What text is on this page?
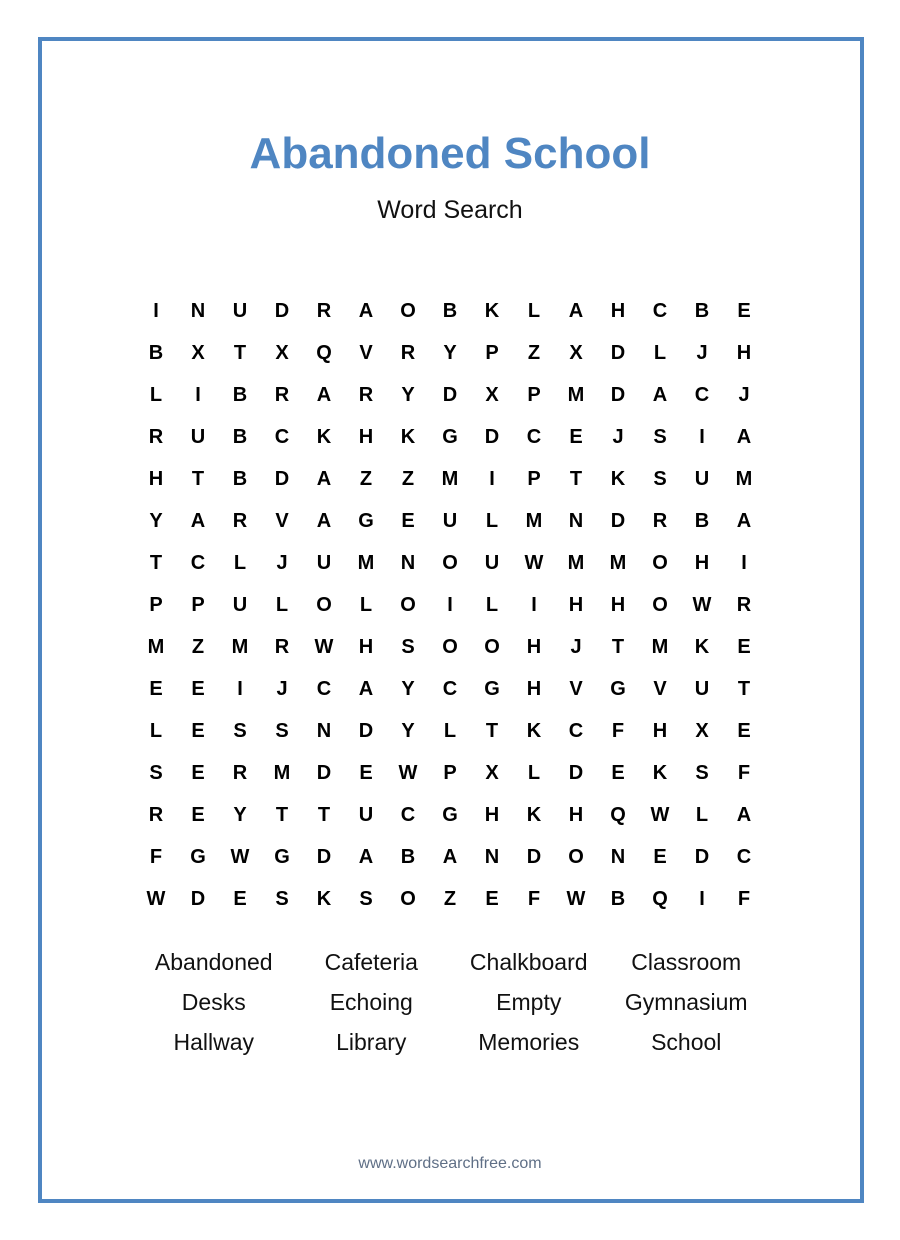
Abandoned School
Word Search
I	N	U	D	R	A	O	B	K	L	A	H	C	B	E
B	X	T	X	Q	V	R	Y	P	Z	X	D	L	J	H
L	I	B	R	A	R	Y	D	X	P	M	D	A	C	J
R	U	B	C	K	H	K	G	D	C	E	J	S	I	A
H	T	B	D	A	Z	Z	M	I	P	T	K	S	U	M
Y	A	R	V	A	G	E	U	L	M	N	D	R	B	A
T	C	L	J	U	M	N	O	U	W	M	M	O	H	I
P	P	U	L	O	L	O	I	L	I	H	H	O	W	R
M	Z	M	R	W	H	S	O	O	H	J	T	M	K	E
E	E	I	J	C	A	Y	C	G	H	V	G	V	U	T
L	E	S	S	N	D	Y	L	T	K	C	F	H	X	E
S	E	R	M	D	E	W	P	X	L	D	E	K	S	F
R	E	Y	T	T	U	C	G	H	K	H	Q	W	L	A
F	G	W	G	D	A	B	A	N	D	O	N	E	D	C
W	D	E	S	K	S	O	Z	E	F	W	B	Q	I	F
Abandoned	Cafeteria	Chalkboard	Classroom
Desks	Echoing	Empty	Gymnasium
Hallway	Library	Memories	School
www.wordsearchfree.com
